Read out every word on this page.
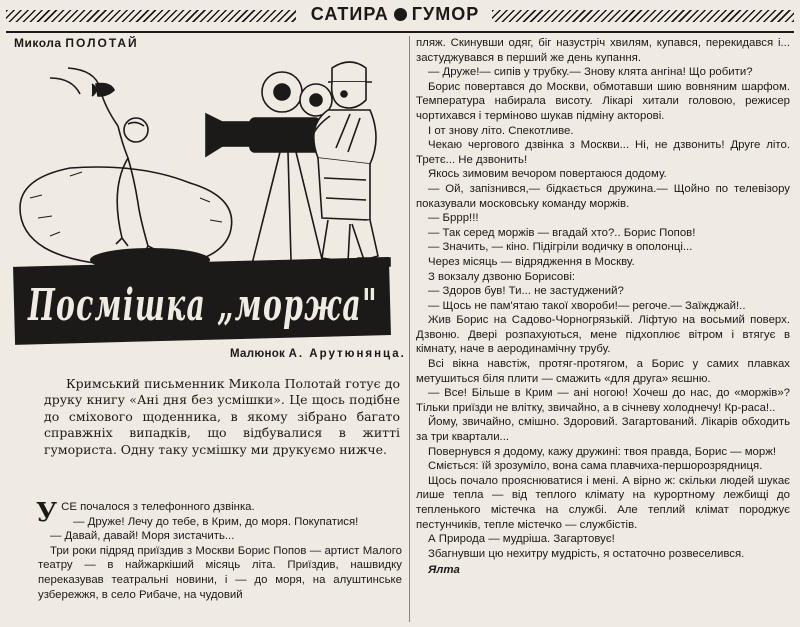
САТИРА ГУМОР
Микола ПОЛОТАЙ
Посмішка „моржа"
Малюнок А. Арутюнянца.

Кримський письменник Микола Полотай готує до друку книгу «Ані дня без усмішки». Це щось подібне до сміхового щоденника, в якому зібрано багато справжніх випадків, що відбувалися в житті гумориста. Одну таку усмішку ми друкуємо нижче.

УСЕ почалося з телефонного дзвінка.

— Друже! Лечу до тебе, в Крим, до моря. Покупатися!

— Давай, давай! Моря зистачить...

Три роки підряд приїздив з Москви Борис Попов — артист Малого театру — в найжаркіший місяць літа. Приїздив, нашвидку переказував театральні новини, і — до моря, на алуштинське узбережжя, в село Рибаче, на чудовий

пляж. Скинувши одяг, біг назустріч хвилям, купався, перекидався і... застуджувався в перший же день купання.

— Друже!— сипів у трубку.— Знову клята ангіна! Що робити?

Борис повертався до Москви, обмотавши шию вовняним шарфом. Температура набирала висоту. Лікарі хитали головою, режисер чортихався і терміново шукав підміну акторові.

І от знову літо. Спекотливе.

Чекаю чергового дзвінка з Москви... Ні, не дзвонить! Друге літо. Третє... Не дзвонить!

Якось зимовим вечором повертаюся додому.

— Ой, запізнився,— бідкається дружина.— Щойно по телевізору показували московську команду моржів.

— Бррр!!!

— Так серед моржів — вгадай хто?.. Борис Попов!

— Значить, — кіно. Підігріли водичку в ополонці...

Через місяць — відрядження в Москву.

З вокзалу дзвоню Борисові:

— Здоров був! Ти... не застуджений?

— Щось не пам'ятаю такої хвороби!— регоче.— Заїжджай!..

Жив Борис на Садово-Чорногрязькій. Ліфтую на восьмий поверх. Дзвоню. Двері розпахуються, мене підхоплює вітром і втягує в кімнату, наче в аеродинамічну трубу.

Всі вікна навстіж, протяг-протягом, а Борис у самих плавках метушиться біля плити — смажить «для друга» яєшню.

— Все! Більше в Крим — ані ногою! Хочеш до нас, до «моржів»? Тільки приїзди не влітку, звичайно, а в січневу холоднечу! Кр-раса!..

Йому, звичайно, смішно. Здоровий. Загартований. Лікарів обходить за три квартали...

Повернувся я додому, кажу дружині: твоя правда, Борис — морж!

Сміється: їй зрозуміло, вона сама плавчиха-першорозрядниця.

Щось почало прояснюватися і мені. А вірно ж: скільки людей шукає лише тепла — від теплого клімату на курортному лежбищі до тепленького містечка на службі. Але теплий клімат породжує пестунчиків, тепле містечко — службістів.

А Природа — мудріша. Загартовує!

Збагнувши цю нехитру мудрість, я остаточно розвеселився.

Ялта
